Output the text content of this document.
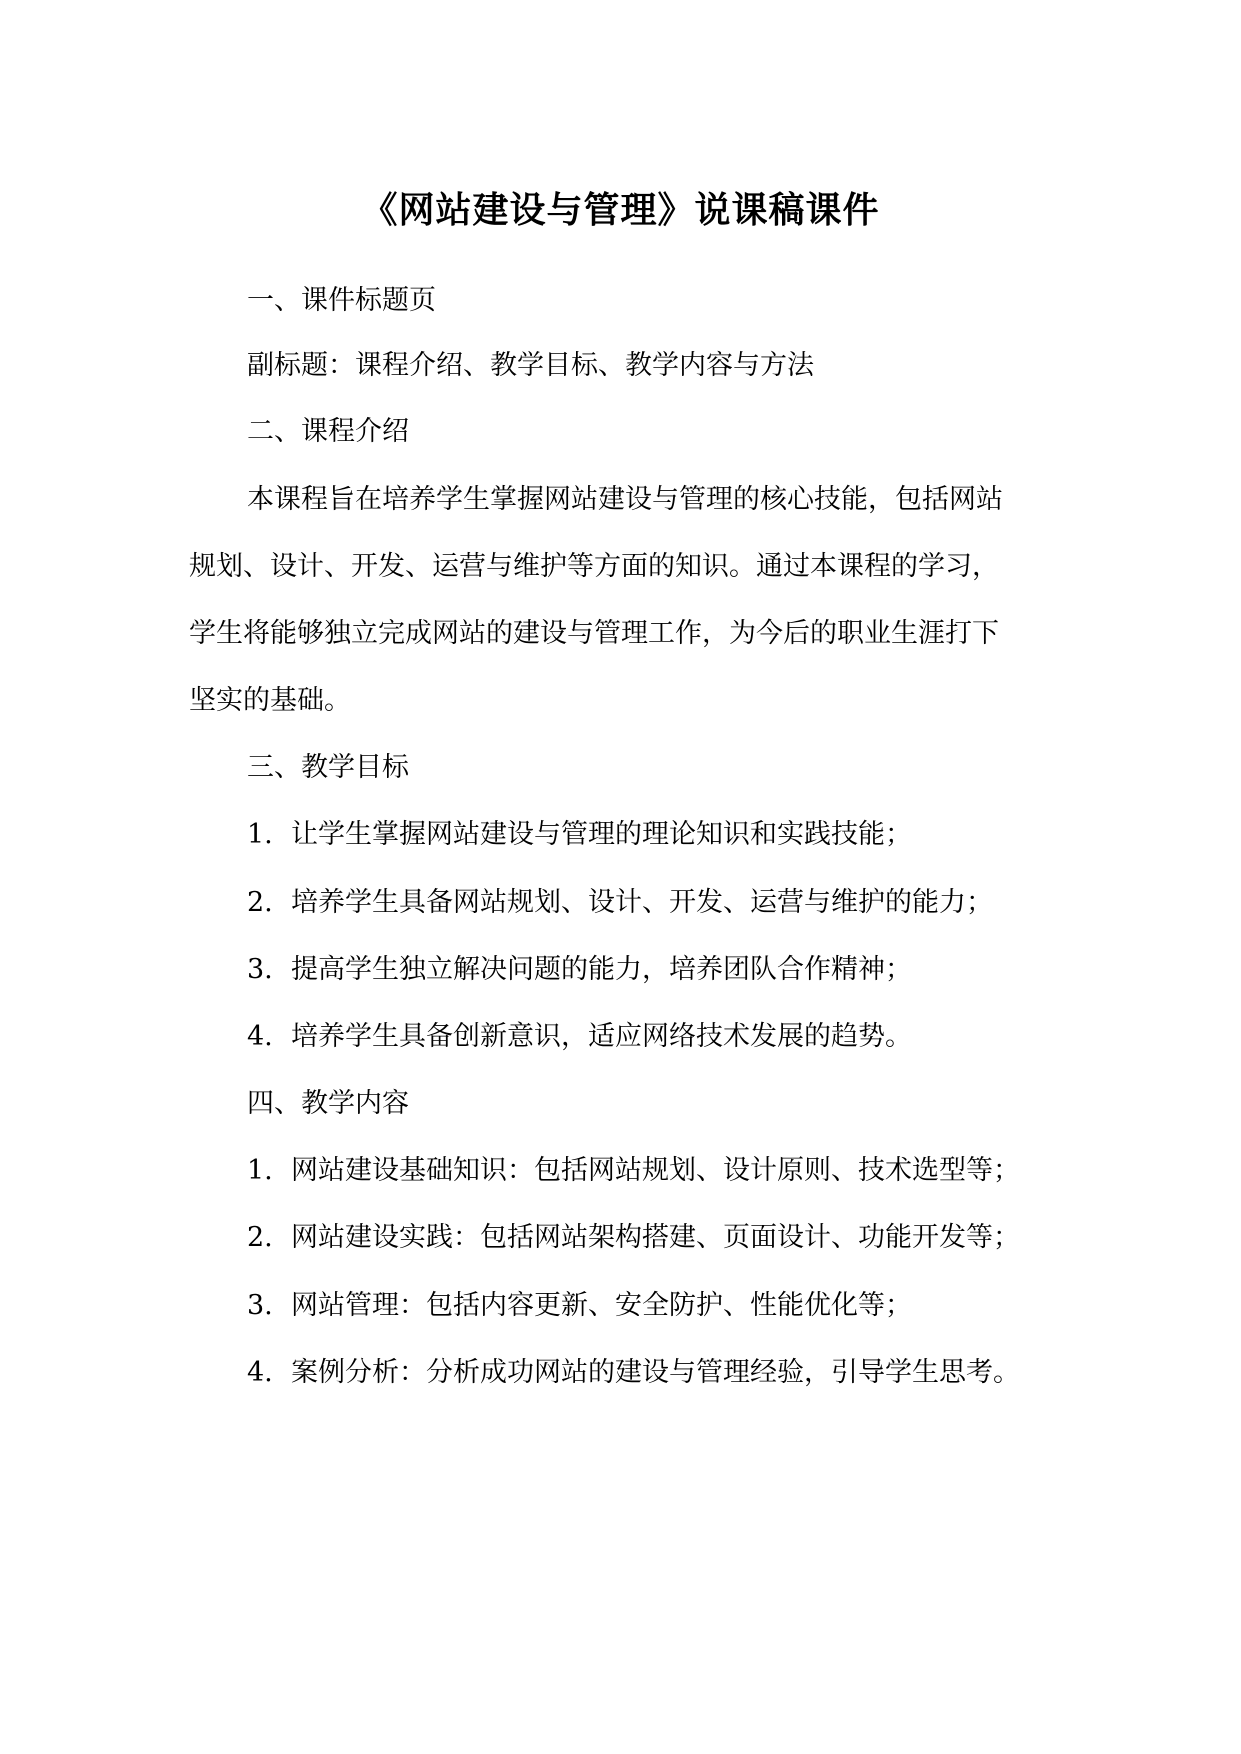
《网站建设与管理》说课稿课件
一、课件标题页
副标题：课程介绍、教学目标、教学内容与方法
二、课程介绍
本课程旨在培养学生掌握网站建设与管理的核心技能，包括网站
规划、设计、开发、运营与维护等方面的知识。通过本课程的学习，
学生将能够独立完成网站的建设与管理工作，为今后的职业生涯打下
坚实的基础。
三、教学目标
1. 让学生掌握网站建设与管理的理论知识和实践技能；
2. 培养学生具备网站规划、设计、开发、运营与维护的能力；
3. 提高学生独立解决问题的能力，培养团队合作精神；
4. 培养学生具备创新意识，适应网络技术发展的趋势。
四、教学内容
1. 网站建设基础知识：包括网站规划、设计原则、技术选型等；
2. 网站建设实践：包括网站架构搭建、页面设计、功能开发等；
3. 网站管理：包括内容更新、安全防护、性能优化等；
4. 案例分析：分析成功网站的建设与管理经验，引导学生思考。
